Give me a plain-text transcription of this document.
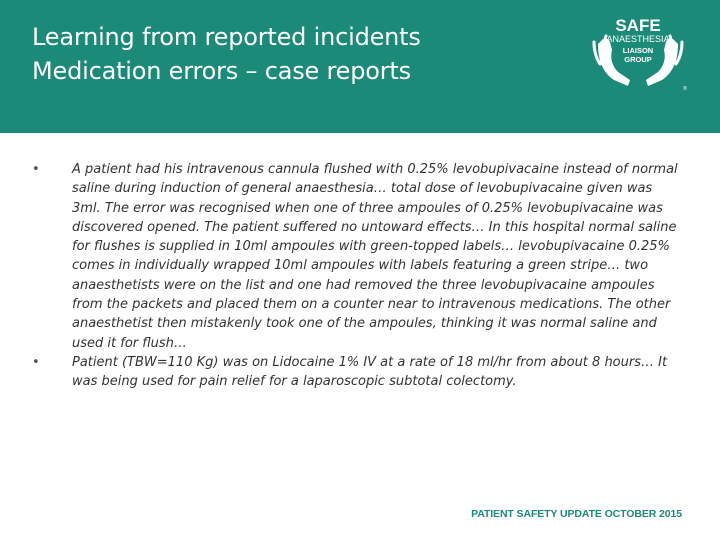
Learning from reported incidents
Medication errors – case reports
SAFE
ANAESTHESIA
LIAISON
GROUP
®

• A patient had his intravenous cannula flushed with 0.25% levobupivacaine instead of normal saline during induction of general anaesthesia… total dose of levobupivacaine given was 3ml. The error was recognised when one of three ampoules of 0.25% levobupivacaine was discovered opened. The patient suffered no untoward effects… In this hospital normal saline for flushes is supplied in 10ml ampoules with green-topped labels… levobupivacaine 0.25% comes in individually wrapped 10ml ampoules with labels featuring a green stripe… two anaesthetists were on the list and one had removed the three levobupivacaine ampoules from the packets and placed them on a counter near to intravenous medications. The other anaesthetist then mistakenly took one of the ampoules, thinking it was normal saline and used it for flush…

• Patient (TBW=110 Kg) was on Lidocaine 1% IV at a rate of 18 ml/hr from about 8 hours… It was being used for pain relief for a laparoscopic subtotal colectomy.

PATIENT SAFETY UPDATE OCTOBER 2015
